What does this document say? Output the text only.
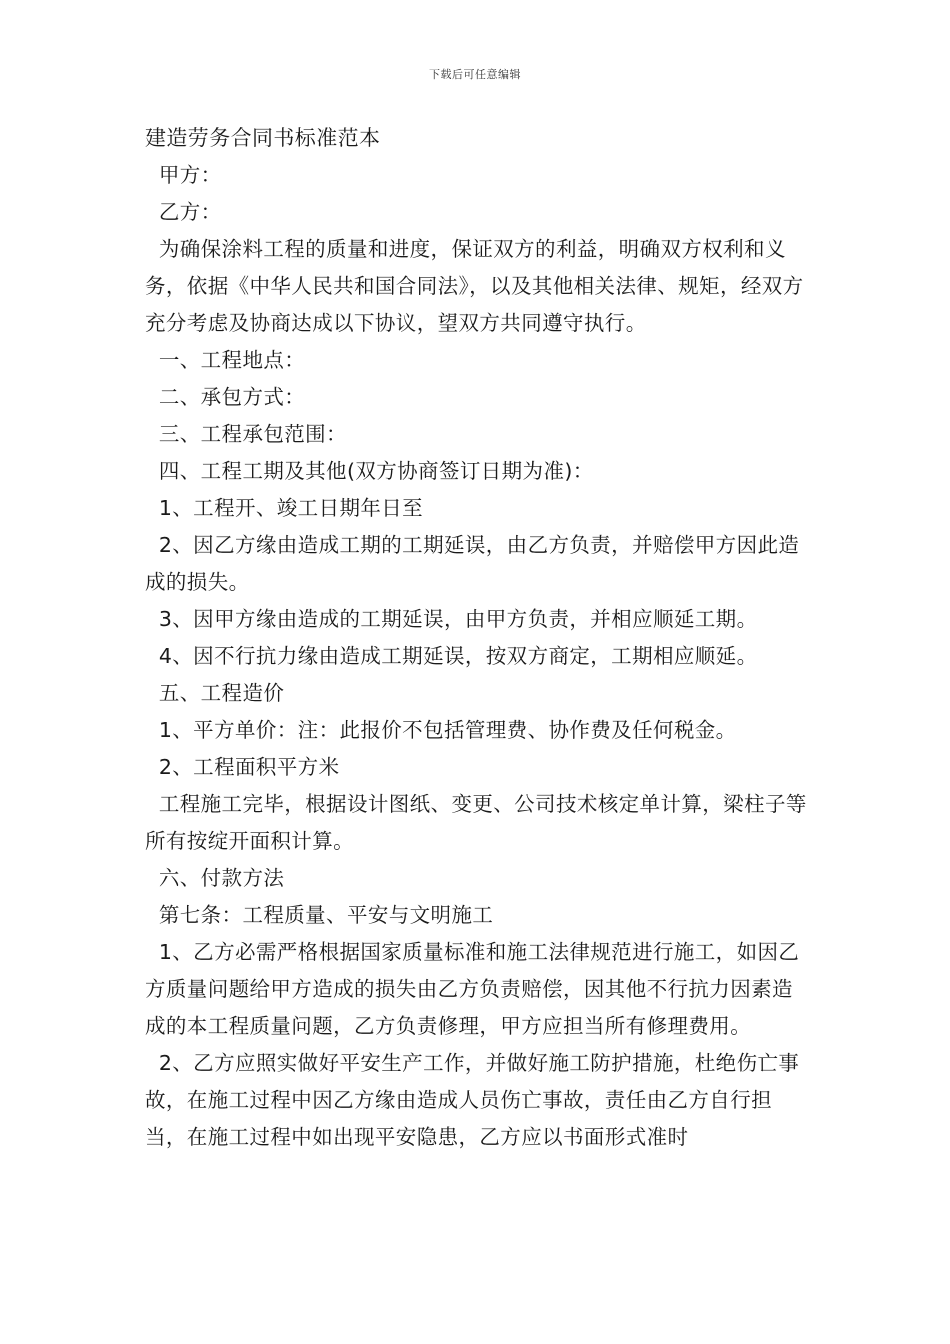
下载后可任意编辑

建造劳务合同书标准范本

甲方：

乙方：

为确保涂料工程的质量和进度，保证双方的利益，明确双方权利和义务，依据《中华人民共和国合同法》，以及其他相关法律、规矩，经双方充分考虑及协商达成以下协议，望双方共同遵守执行。

一、工程地点：

二、承包方式：

三、工程承包范围：

四、工程工期及其他(双方协商签订日期为准)：

1、工程开、竣工日期年日至

2、因乙方缘由造成工期的工期延误，由乙方负责，并赔偿甲方因此造成的损失。

3、因甲方缘由造成的工期延误，由甲方负责，并相应顺延工期。

4、因不行抗力缘由造成工期延误，按双方商定，工期相应顺延。

五、工程造价

1、平方单价：注：此报价不包括管理费、协作费及任何税金。

2、工程面积平方米

工程施工完毕，根据设计图纸、变更、公司技术核定单计算，梁柱子等所有按绽开面积计算。

六、付款方法

第七条：工程质量、平安与文明施工

1、乙方必需严格根据国家质量标准和施工法律规范进行施工，如因乙方质量问题给甲方造成的损失由乙方负责赔偿，因其他不行抗力因素造成的本工程质量问题，乙方负责修理，甲方应担当所有修理费用。

2、乙方应照实做好平安生产工作，并做好施工防护措施，杜绝伤亡事故，在施工过程中因乙方缘由造成人员伤亡事故，责任由乙方自行担当，在施工过程中如出现平安隐患，乙方应以书面形式准时
